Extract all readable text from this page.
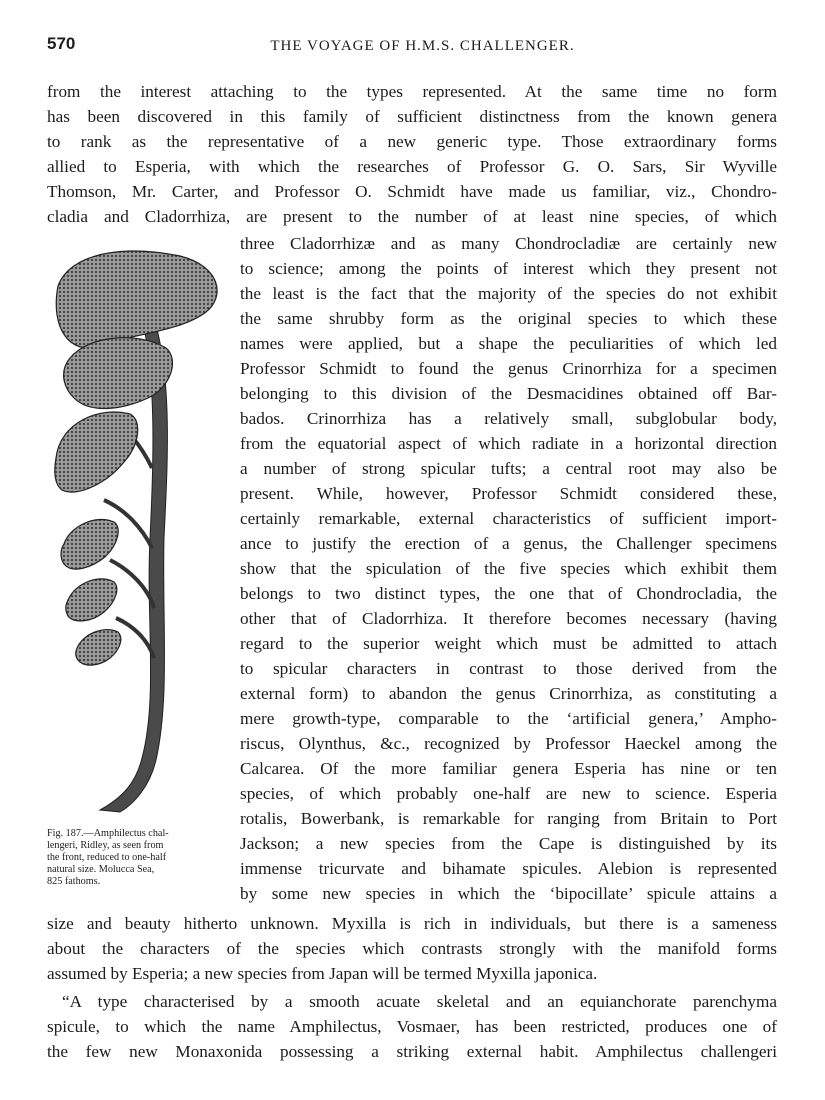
570	THE VOYAGE OF H.M.S. CHALLENGER.
from the interest attaching to the types represented. At the same time no form
has been discovered in this family of sufficient distinctness from the known genera
to rank as the representative of a new generic type. Those extraordinary forms
allied to Esperia, with which the researches of Professor G. O. Sars, Sir Wyville
Thomson, Mr. Carter, and Professor O. Schmidt have made us familiar, viz., Chondro-
cladia and Cladorrhiza, are present to the number of at least nine species, of which
three Cladorrhizæ and as many Chondrocladiæ are certainly new
to science; among the points of interest which they present not
the least is the fact that the majority of the species do not exhibit
the same shrubby form as the original species to which these
names were applied, but a shape the peculiarities of which led
Professor Schmidt to found the genus Crinorrhiza for a specimen
belonging to this division of the Desmacidines obtained off Bar-
bados. Crinorrhiza has a relatively small, subglobular body,
from the equatorial aspect of which radiate in a horizontal direction
a number of strong spicular tufts; a central root may also be
present. While, however, Professor Schmidt considered these,
certainly remarkable, external characteristics of sufficient import-
ance to justify the erection of a genus, the Challenger specimens
show that the spiculation of the five species which exhibit them
belongs to two distinct types, the one that of Chondrocladia, the
other that of Cladorrhiza. It therefore becomes necessary (having
regard to the superior weight which must be admitted to attach
to spicular characters in contrast to those derived from the
external form) to abandon the genus Crinorrhiza, as constituting a
mere growth-type, comparable to the ‘artificial genera,’ Ampho-
riscus, Olynthus, &c., recognized by Professor Haeckel among the
Calcarea. Of the more familiar genera Esperia has nine or ten
species, of which probably one-half are new to science. Esperia
rotalis, Bowerbank, is remarkable for ranging from Britain to Port
Jackson; a new species from the Cape is distinguished by its
immense tricurvate and bihamate spicules. Alebion is represented
by some new species in which the ‘bipocillate’ spicule attains a
size and beauty hitherto unknown. Myxilla is rich in individuals, but there is a sameness
about the characters of the species which contrasts strongly with the manifold forms
assumed by Esperia; a new species from Japan will be termed Myxilla japonica.
“A type characterised by a smooth acuate skeletal and an equianchorate parenchyma
spicule, to which the name Amphilectus, Vosmaer, has been restricted, produces one of
the few new Monaxonida possessing a striking external habit. Amphilectus challengeri
Fig. 187.—Amphilectus chal-
lengeri, Ridley, as seen from
the front, reduced to one-half
natural size. Molucca Sea,
825 fathoms.
